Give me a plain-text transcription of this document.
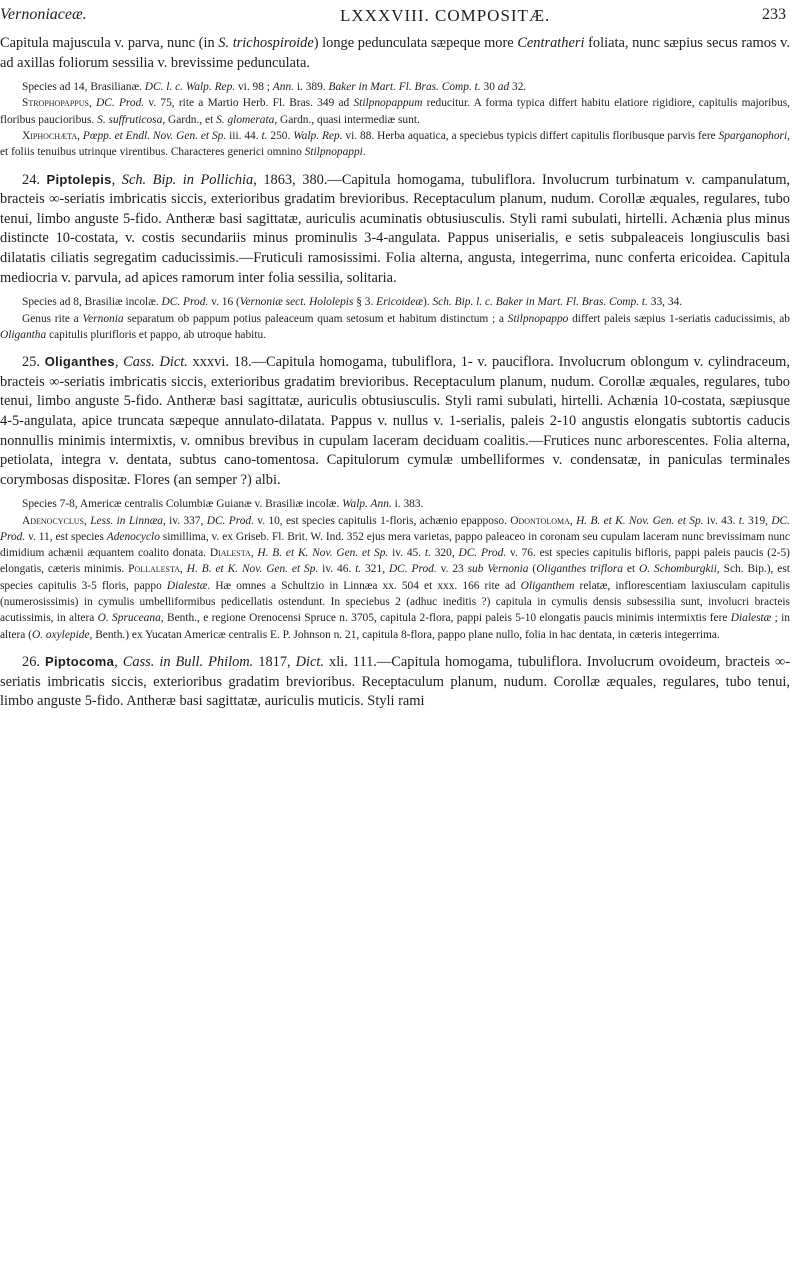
Vernoniaceæ.	LXXXVIII. COMPOSITÆ.	233

Capitula majuscula v. parva, nunc (in S. trichospiroide) longe pedunculata sæpeque more Centratheri foliata, nunc sæpius secus ramos v. ad axillas foliorum sessilia v. brevissime pedunculata.

Species ad 14, Brasilianæ. DC. l. c. Walp. Rep. vi. 98 ; Ann. i. 389. Baker in Mart. Fl. Bras. Comp. t. 30 ad 32.

Strophopappus, DC. Prod. v. 75, rite a Martio Herb. Fl. Bras. 349 ad Stilpnopappum reducitur. A forma typica differt habitu elatiore rigidiore, capitulis majoribus, floribus paucioribus. S. suffruticosa, Gardn., et S. glomerata, Gardn., quasi intermediæ sunt.

Xiphochæta, Pœpp. et Endl. Nov. Gen. et Sp. iii. 44. t. 250. Walp. Rep. vi. 88. Herba aquatica, a speciebus typicis differt capitulis floribusque parvis fere Sparganophori, et foliis tenuibus utrinque virentibus. Characteres generici omnino Stilpnopappi.

24. Piptolepis, Sch. Bip. in Pollichia, 1863, 380.—Capitula homogama, tubuliflora. Involucrum turbinatum v. campanulatum, bracteis ∞-seriatis imbricatis siccis, exterioribus gradatim brevioribus. Receptaculum planum, nudum. Corollæ æquales, regulares, tubo tenui, limbo anguste 5-fido. Antheræ basi sagittatæ, auriculis acuminatis obtusiusculis. Styli rami subulati, hirtelli. Achænia plus minus distincte 10-costata, v. costis secundariis minus prominulis 3-4-angulata. Pappus uniserialis, e setis subpaleaceis longiusculis basi dilatatis ciliatis segregatim caducissimis.—Fruticuli ramosissimi. Folia alterna, angusta, integerrima, nunc conferta ericoidea. Capitula mediocria v. parvula, ad apices ramorum inter folia sessilia, solitaria.

Species ad 8, Brasiliæ incolæ. DC. Prod. v. 16 (Vernoniæ sect. Hololepis § 3. Ericoideæ). Sch. Bip. l. c. Baker in Mart. Fl. Bras. Comp. t. 33, 34.

Genus rite a Vernonia separatum ob pappum potius paleaceum quam setosum et habitum distinctum ; a Stilpnopappo differt paleis sæpius 1-seriatis caducissimis, ab Oligantha capitulis plurifloris et pappo, ab utroque habitu.

25. Oliganthes, Cass. Dict. xxxvi. 18.—Capitula homogama, tubuliflora, 1- v. pauciflora. Involucrum oblongum v. cylindraceum, bracteis ∞-seriatis imbricatis siccis, exterioribus gradatim brevioribus. Receptaculum planum, nudum. Corollæ æquales, regulares, tubo tenui, limbo anguste 5-fido. Antheræ basi sagittatæ, auriculis obtusiusculis. Styli rami subulati, hirtelli. Achænia 10-costata, sæpiusque 4-5-angulata, apice truncata sæpeque annulato-dilatata. Pappus v. nullus v. 1-serialis, paleis 2-10 angustis elongatis subtortis caducis nonnullis minimis intermixtis, v. omnibus brevibus in cupulam laceram deciduam coalitis.—Frutices nunc arborescentes. Folia alterna, petiolata, integra v. dentata, subtus cano-tomentosa. Capitulorum cymulæ umbelliformes v. condensatæ, in paniculas terminales corymbosas dispositæ. Flores (an semper ?) albi.

Species 7-8, Americæ centralis Columbiæ Guianæ v. Brasiliæ incolæ. Walp. Ann. i. 383.

Adenocyclus, Less. in Linnæa, iv. 337, DC. Prod. v. 10, est species capitulis 1-floris, achænio epapposo. Odontoloma, H. B. et K. Nov. Gen. et Sp. iv. 43. t. 319, DC. Prod. v. 11, est species Adenocyclo simillima, v. ex Griseb. Fl. Brit. W. Ind. 352 ejus mera varietas, pappo paleaceo in coronam seu cupulam laceram nunc brevissimam nunc dimidium achænii æquantem coalito donata. Dialesta, H. B. et K. Nov. Gen. et Sp. iv. 45. t. 320, DC. Prod. v. 76. est species capitulis bifloris, pappi paleis paucis (2-5) elongatis, cæteris minimis. Pollalesta, H. B. et K. Nov. Gen. et Sp. iv. 46. t. 321, DC. Prod. v. 23 sub Vernonia (Oliganthes triflora et O. Schomburgkii, Sch. Bip.), est species capitulis 3-5 floris, pappo Dialestæ. Hæ omnes a Schultzio in Linnæa xx. 504 et xxx. 166 rite ad Oliganthem relatæ, inflorescentiam laxiusculam capitulis (numerosissimis) in cymulis umbelliformibus pedicellatis ostendunt. In speciebus 2 (adhuc ineditis ?) capitula in cymulis densis subsessilia sunt, involucri bracteis acutissimis, in altera O. Spruceana, Benth., e regione Orenocensi Spruce n. 3705, capitula 2-flora, pappi paleis 5-10 elongatis paucis minimis intermixtis fere Dialestæ ; in altera (O. oxylepide, Benth.) ex Yucatan Americæ centralis E. P. Johnson n. 21, capitula 8-flora, pappo plane nullo, folia in hac dentata, in cæteris integerrima.

26. Piptocoma, Cass. in Bull. Philom. 1817, Dict. xli. 111.—Capitula homogama, tubuliflora. Involucrum ovoideum, bracteis ∞-seriatis imbricatis siccis, exterioribus gradatim brevioribus. Receptaculum planum, nudum. Corollæ æquales, regulares, tubo tenui, limbo anguste 5-fido. Antheræ basi sagittatæ, auriculis muticis. Styli rami
